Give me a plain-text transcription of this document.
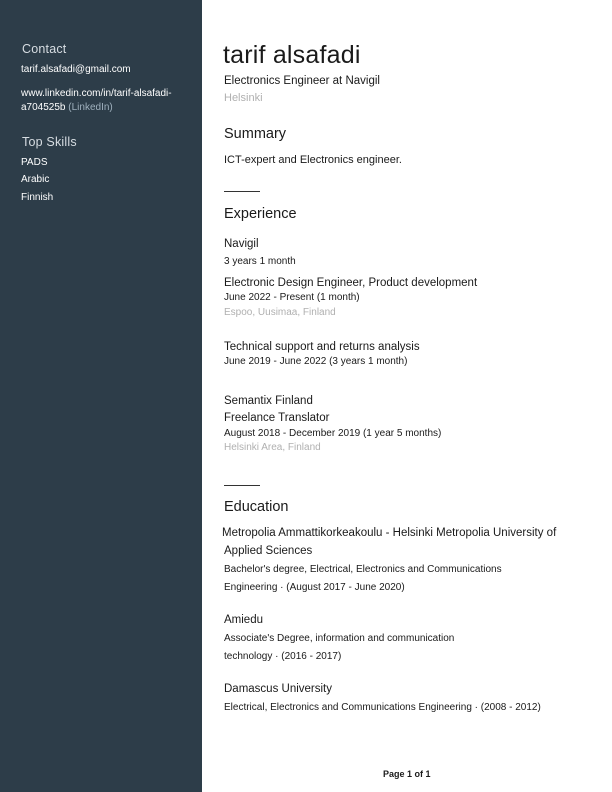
Contact
tarif.alsafadi@gmail.com
www.linkedin.com/in/tarif-alsafadi-
a704525b (LinkedIn)
Top Skills
PADS
Arabic
Finnish
tarif alsafadi
Electronics Engineer at Navigil
Helsinki
Summary
ICT-expert and Electronics engineer.
Experience
Navigil
3 years 1 month
Electronic Design Engineer, Product development
June 2022 - Present (1 month)
Espoo, Uusimaa, Finland
Technical support and returns analysis
June 2019 - June 2022 (3 years 1 month)
Semantix Finland
Freelance Translator
August 2018 - December 2019 (1 year 5 months)
Helsinki Area, Finland
Education
Metropolia Ammattikorkeakoulu - Helsinki Metropolia University of
Applied Sciences
Bachelor's degree, Electrical, Electronics and Communications
Engineering · (August 2017 - June 2020)
Amiedu
Associate's Degree, information and communication
technology · (2016 - 2017)
Damascus University
Electrical, Electronics and Communications Engineering · (2008 - 2012)
Page 1 of 1
